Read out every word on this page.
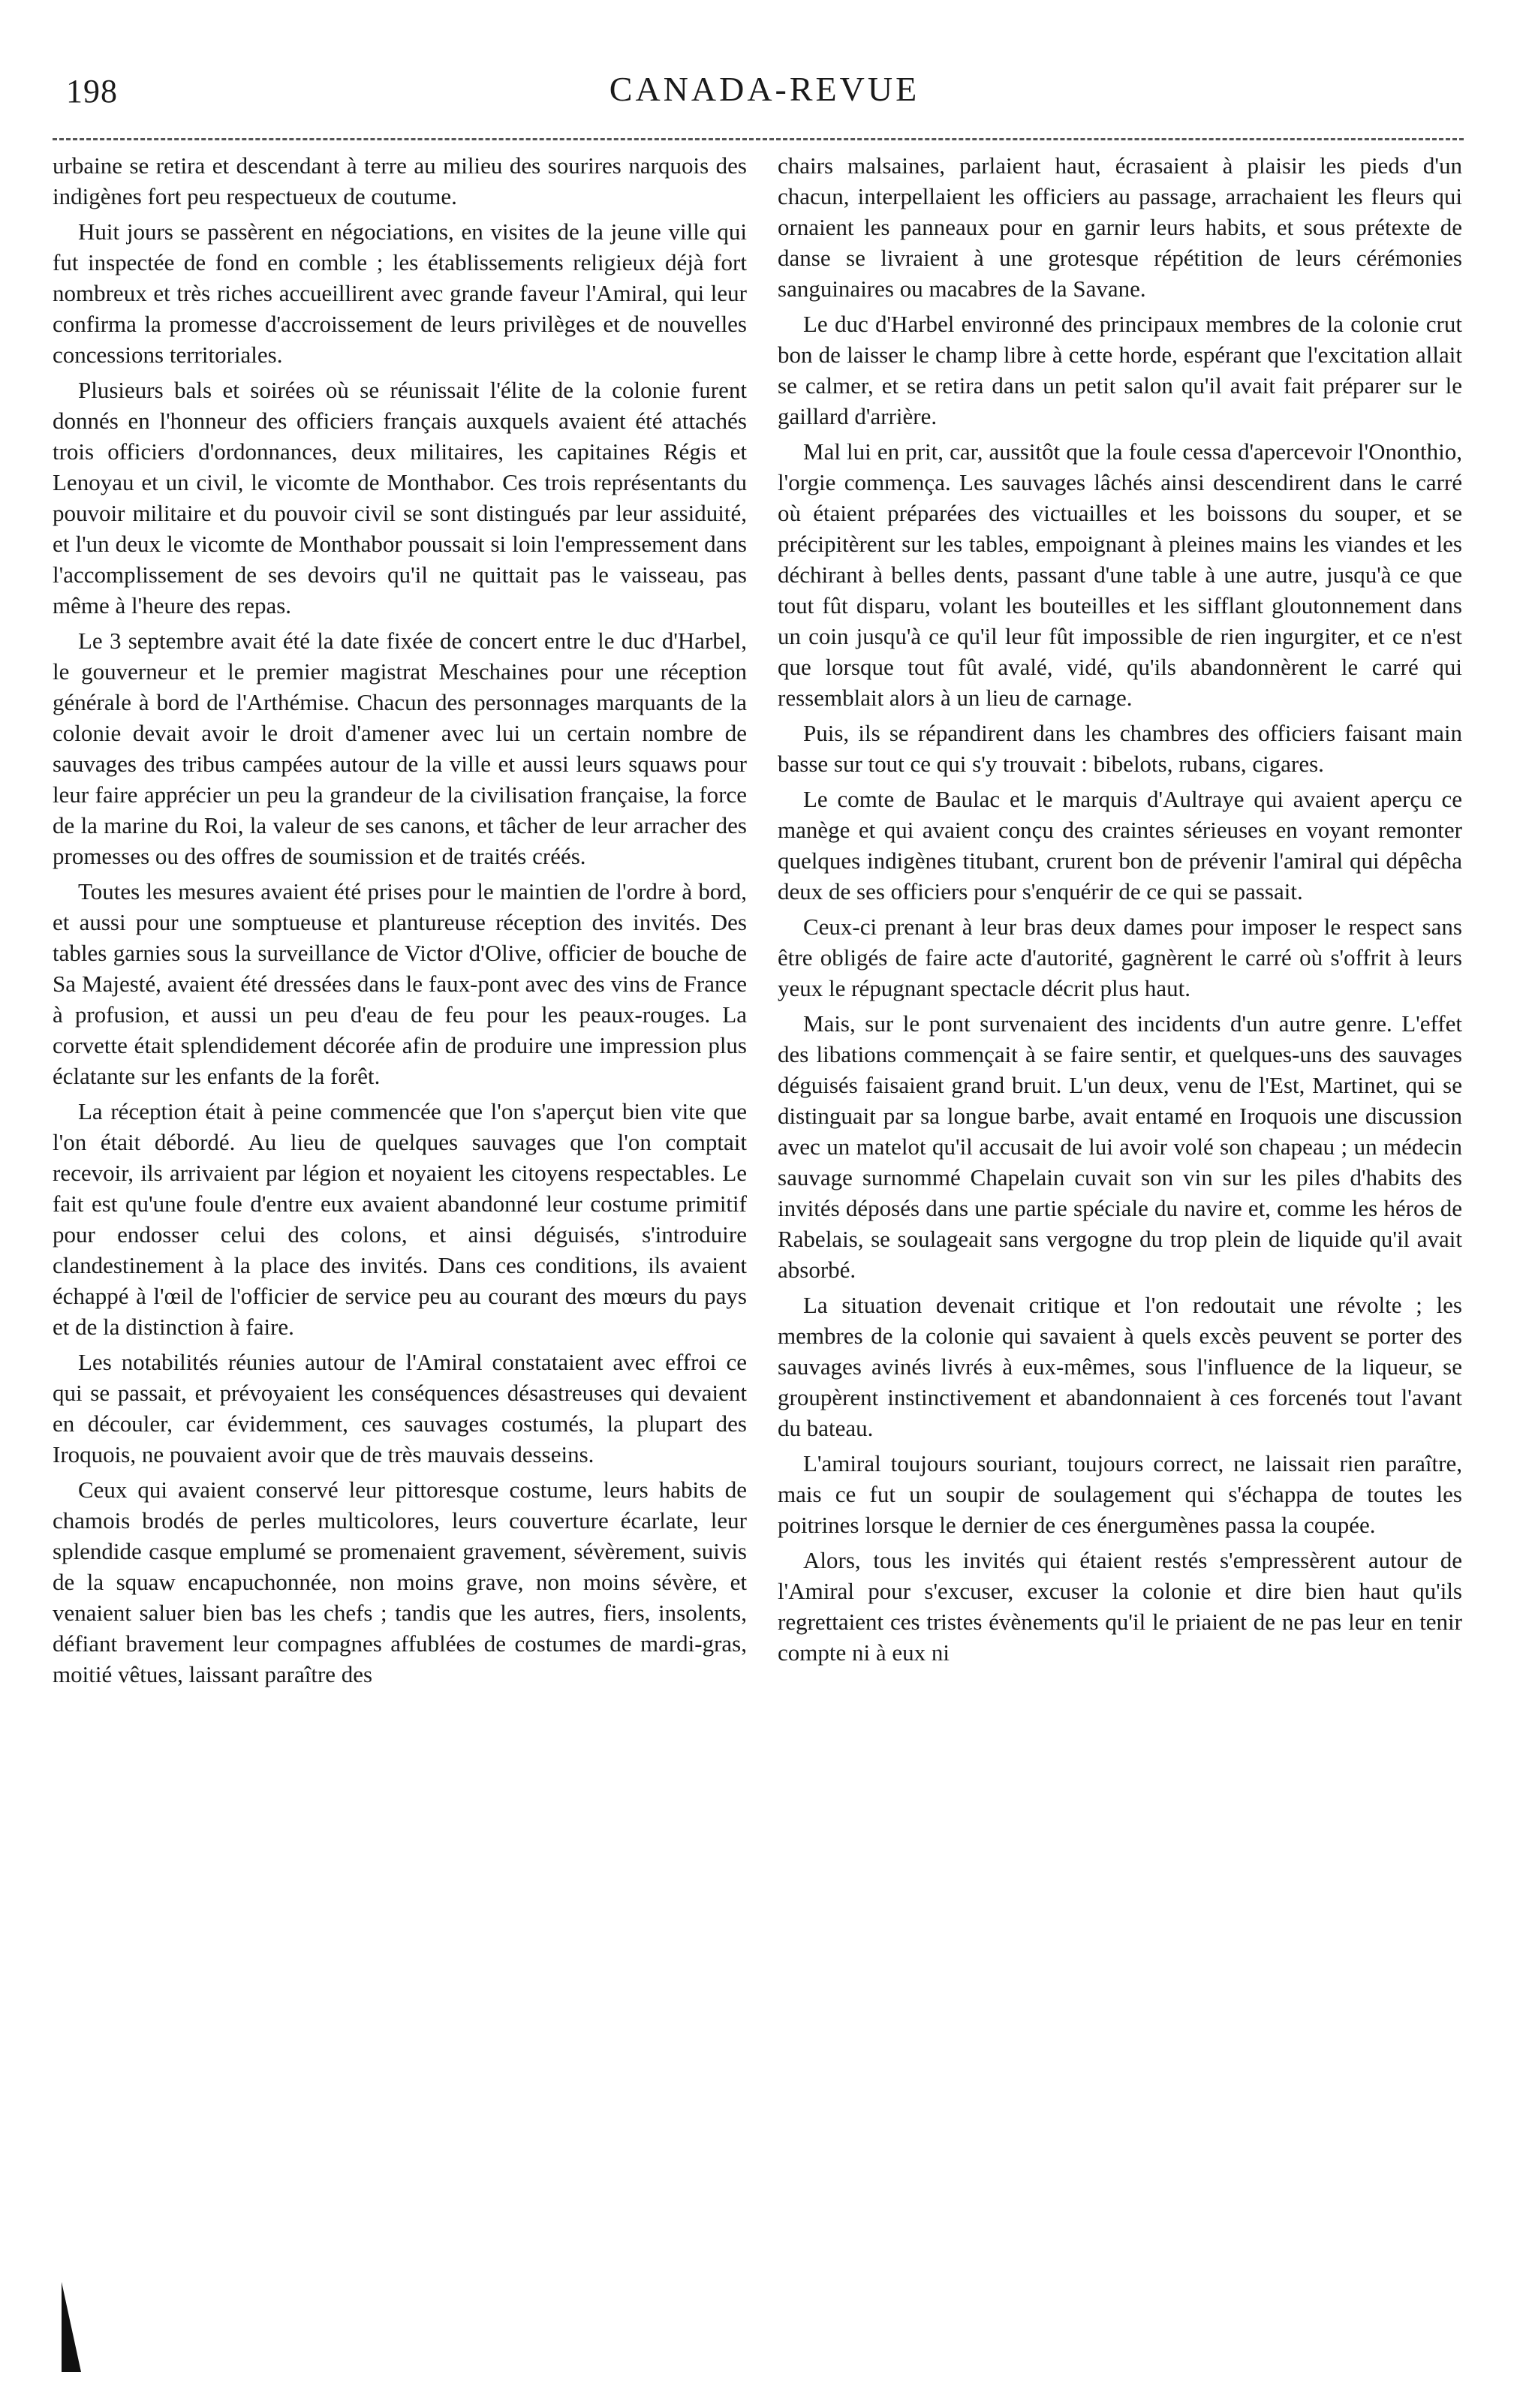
198	CANADA-REVUE

urbaine se retira et descendant à terre au milieu des sourires narquois des indigènes fort peu respectueux de coutume.

Huit jours se passèrent en négociations, en visites de la jeune ville qui fut inspectée de fond en comble ; les établissements religieux déjà fort nombreux et très riches accueillirent avec grande faveur l'Amiral, qui leur confirma la promesse d'accroissement de leurs privilèges et de nouvelles concessions territoriales.

Plusieurs bals et soirées où se réunissait l'élite de la colonie furent donnés en l'honneur des officiers français auxquels avaient été attachés trois officiers d'ordonnances, deux militaires, les capitaines Régis et Lenoyau et un civil, le vicomte de Monthabor. Ces trois représentants du pouvoir militaire et du pouvoir civil se sont distingués par leur assiduité, et l'un deux le vicomte de Monthabor poussait si loin l'empressement dans l'accomplissement de ses devoirs qu'il ne quittait pas le vaisseau, pas même à l'heure des repas.

Le 3 septembre avait été la date fixée de concert entre le duc d'Harbel, le gouverneur et le premier magistrat Meschaines pour une réception générale à bord de l'Arthémise. Chacun des personnages marquants de la colonie devait avoir le droit d'amener avec lui un certain nombre de sauvages des tribus campées autour de la ville et aussi leurs squaws pour leur faire apprécier un peu la grandeur de la civilisation française, la force de la marine du Roi, la valeur de ses canons, et tâcher de leur arracher des promesses ou des offres de soumission et de traités créés.

Toutes les mesures avaient été prises pour le maintien de l'ordre à bord, et aussi pour une somptueuse et plantureuse réception des invités. Des tables garnies sous la surveillance de Victor d'Olive, officier de bouche de Sa Majesté, avaient été dressées dans le faux-pont avec des vins de France à profusion, et aussi un peu d'eau de feu pour les peaux-rouges. La corvette était splendidement décorée afin de produire une impression plus éclatante sur les enfants de la forêt.

La réception était à peine commencée que l'on s'aperçut bien vite que l'on était débordé. Au lieu de quelques sauvages que l'on comptait recevoir, ils arrivaient par légion et noyaient les citoyens respectables. Le fait est qu'une foule d'entre eux avaient abandonné leur costume primitif pour endosser celui des colons, et ainsi déguisés, s'introduire clandestinement à la place des invités. Dans ces conditions, ils avaient échappé à l'œil de l'officier de service peu au courant des mœurs du pays et de la distinction à faire.

Les notabilités réunies autour de l'Amiral constataient avec effroi ce qui se passait, et prévoyaient les conséquences désastreuses qui devaient en découler, car évidemment, ces sauvages costumés, la plupart des Iroquois, ne pouvaient avoir que de très mauvais desseins.

Ceux qui avaient conservé leur pittoresque costume, leurs habits de chamois brodés de perles multicolores, leurs couverture écarlate, leur splendide casque emplumé se promenaient gravement, sévèrement, suivis de la squaw encapuchonnée, non moins grave, non moins sévère, et venaient saluer bien bas les chefs ; tandis que les autres, fiers, insolents, défiant bravement leur compagnes affublées de costumes de mardi-gras, moitié vêtues, laissant paraître des

chairs malsaines, parlaient haut, écrasaient à plaisir les pieds d'un chacun, interpellaient les officiers au passage, arrachaient les fleurs qui ornaient les panneaux pour en garnir leurs habits, et sous prétexte de danse se livraient à une grotesque répétition de leurs cérémonies sanguinaires ou macabres de la Savane.

Le duc d'Harbel environné des principaux membres de la colonie crut bon de laisser le champ libre à cette horde, espérant que l'excitation allait se calmer, et se retira dans un petit salon qu'il avait fait préparer sur le gaillard d'arrière.

Mal lui en prit, car, aussitôt que la foule cessa d'apercevoir l'Ononthio, l'orgie commença. Les sauvages lâchés ainsi descendirent dans le carré où étaient préparées des victuailles et les boissons du souper, et se précipitèrent sur les tables, empoignant à pleines mains les viandes et les déchirant à belles dents, passant d'une table à une autre, jusqu'à ce que tout fût disparu, volant les bouteilles et les sifflant gloutonnement dans un coin jusqu'à ce qu'il leur fût impossible de rien ingurgiter, et ce n'est que lorsque tout fût avalé, vidé, qu'ils abandonnèrent le carré qui ressemblait alors à un lieu de carnage.

Puis, ils se répandirent dans les chambres des officiers faisant main basse sur tout ce qui s'y trouvait : bibelots, rubans, cigares.

Le comte de Baulac et le marquis d'Aultraye qui avaient aperçu ce manège et qui avaient conçu des craintes sérieuses en voyant remonter quelques indigènes titubant, crurent bon de prévenir l'amiral qui dépêcha deux de ses officiers pour s'enquérir de ce qui se passait.

Ceux-ci prenant à leur bras deux dames pour imposer le respect sans être obligés de faire acte d'autorité, gagnèrent le carré où s'offrit à leurs yeux le répugnant spectacle décrit plus haut.

Mais, sur le pont survenaient des incidents d'un autre genre. L'effet des libations commençait à se faire sentir, et quelques-uns des sauvages déguisés faisaient grand bruit. L'un deux, venu de l'Est, Martinet, qui se distinguait par sa longue barbe, avait entamé en Iroquois une discussion avec un matelot qu'il accusait de lui avoir volé son chapeau ; un médecin sauvage surnommé Chapelain cuvait son vin sur les piles d'habits des invités déposés dans une partie spéciale du navire et, comme les héros de Rabelais, se soulageait sans vergogne du trop plein de liquide qu'il avait absorbé.

La situation devenait critique et l'on redoutait une révolte ; les membres de la colonie qui savaient à quels excès peuvent se porter des sauvages avinés livrés à eux-mêmes, sous l'influence de la liqueur, se groupèrent instinctivement et abandonnaient à ces forcenés tout l'avant du bateau.

L'amiral toujours souriant, toujours correct, ne laissait rien paraître, mais ce fut un soupir de soulagement qui s'échappa de toutes les poitrines lorsque le dernier de ces énergumènes passa la coupée.

Alors, tous les invités qui étaient restés s'empressèrent autour de l'Amiral pour s'excuser, excuser la colonie et dire bien haut qu'ils regrettaient ces tristes évènements qu'il le priaient de ne pas leur en tenir compte ni à eux ni
